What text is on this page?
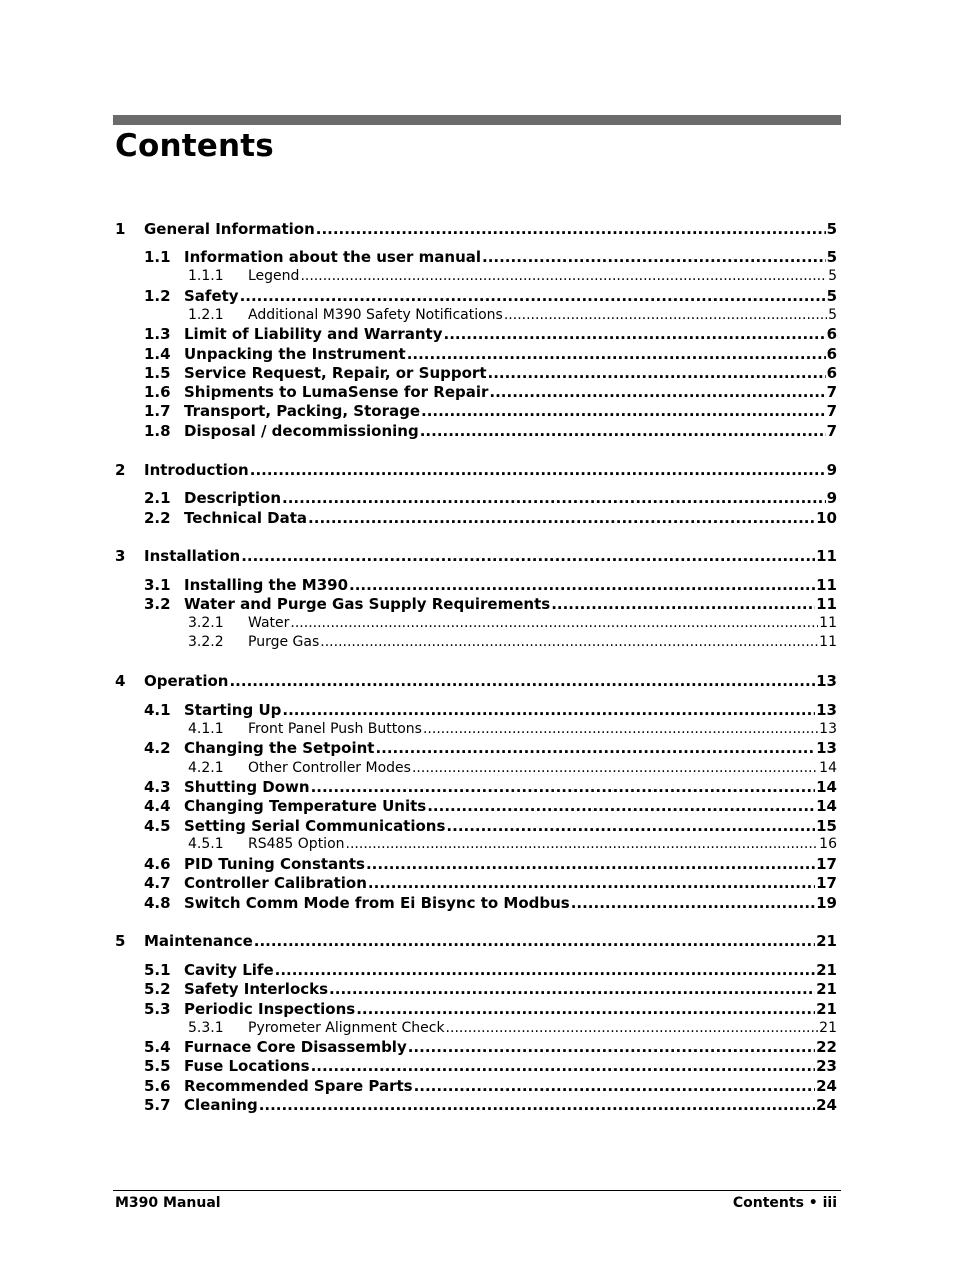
Contents
1	General Information .....	5
1.1 Information about the user manual .....	5
1.1.1	Legend .....	5
1.2 Safety .....	5
1.2.1	Additional M390 Safety Notifications .....	5
1.3 Limit of Liability and Warranty .....	6
1.4 Unpacking the Instrument .....	6
1.5 Service Request, Repair, or Support .....	6
1.6 Shipments to LumaSense for Repair .....	7
1.7 Transport, Packing, Storage .....	7
1.8 Disposal / decommissioning .....	7
2	Introduction .....	9
2.1 Description .....	9
2.2 Technical Data .....	10
3	Installation .....	11
3.1 Installing the M390 .....	11
3.2 Water and Purge Gas Supply Requirements .....	11
3.2.1	Water .....	11
3.2.2	Purge Gas .....	11
4	Operation .....	13
4.1 Starting Up .....	13
4.1.1	Front Panel Push Buttons .....	13
4.2 Changing the Setpoint .....	13
4.2.1	Other Controller Modes .....	14
4.3 Shutting Down .....	14
4.4 Changing Temperature Units .....	14
4.5 Setting Serial Communications .....	15
4.5.1	RS485 Option .....	16
4.6 PID Tuning Constants .....	17
4.7 Controller Calibration .....	17
4.8 Switch Comm Mode from Ei Bisync to Modbus .....	19
5	Maintenance .....	21
5.1 Cavity Life .....	21
5.2 Safety Interlocks .....	21
5.3 Periodic Inspections .....	21
5.3.1	Pyrometer Alignment Check .....	21
5.4 Furnace Core Disassembly .....	22
5.5 Fuse Locations .....	23
5.6 Recommended Spare Parts .....	24
5.7 Cleaning .....	24
M390 Manual	Contents • iii
